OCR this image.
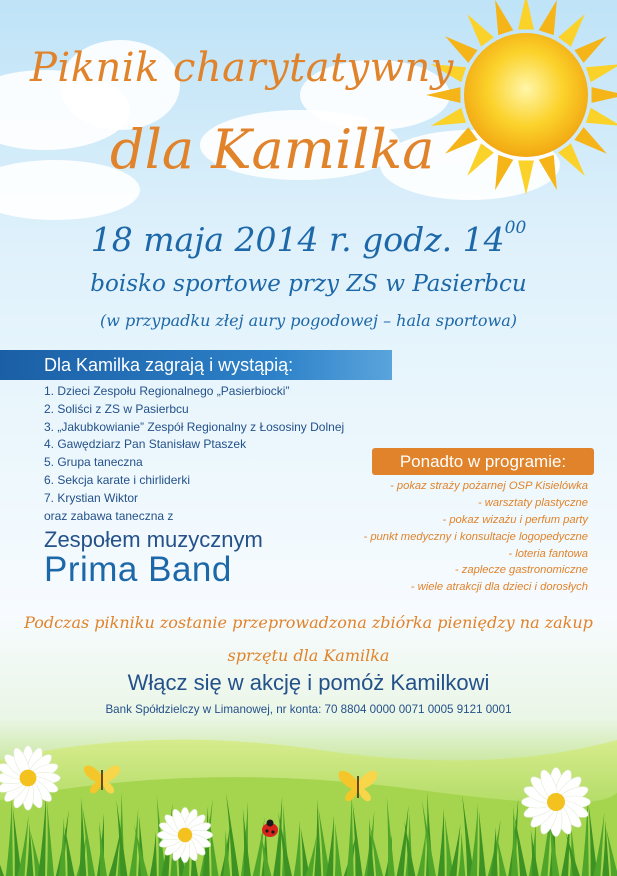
Piknik charytatywny
dla Kamilka
18 maja 2014 r. godz. $14^{00}$
boisko sportowe przy ZS w Pasierbcu
(w przypadku złej aury pogodowej – hala sportowa)
Dla Kamilka zagrają i wystąpią:
1. Dzieci Zespołu Regionalnego „Pasierbiocki”
2. Soliści z ZS w Pasierbcu
3. „Jakubkowianie” Zespół Regionalny z Łososiny Dolnej
4. Gawędziarz Pan Stanisław Ptaszek
5. Grupa taneczna
6. Sekcja karate i chirliderki
7. Krystian Wiktor
oraz zabawa taneczna z
Zespołem muzycznym
Prima Band
Ponadto w programie:
- pokaz straży pożarnej OSP Kisielówka
- warsztaty plastyczne
- pokaz wizażu i perfum party
- punkt medyczny i konsultacje logopedyczne
- loteria fantowa
- zaplecze gastronomiczne
- wiele atrakcji dla dzieci i dorosłych
Podczas pikniku zostanie przeprowadzona zbiórka pieniędzy na zakup
sprzętu dla Kamilka
Włącz się w akcję i pomóż Kamilkowi
Bank Spółdzielczy w Limanowej, nr konta: 70 8804 0000 0071 0005 9121 0001
